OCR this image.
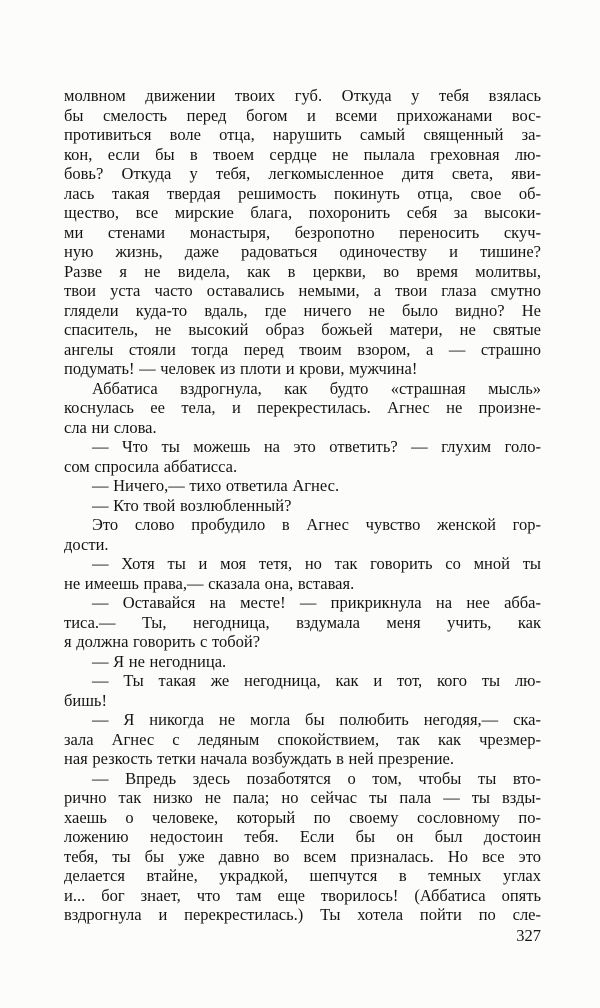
молвном движении твоих губ. Откуда у тебя взялась
бы смелость перед богом и всеми прихожанами вос-
противиться воле отца, нарушить самый священный за-
кон, если бы в твоем сердце не пылала греховная лю-
бовь? Откуда у тебя, легкомысленное дитя света, яви-
лась такая твердая решимость покинуть отца, свое об-
щество, все мирские блага, похоронить себя за высоки-
ми стенами монастыря, безропотно переносить скуч-
ную жизнь, даже радоваться одиночеству и тишине?
Разве я не видела, как в церкви, во время молитвы,
твои уста часто оставались немыми, а твои глаза смутно
глядели куда-то вдаль, где ничего не было видно? Не
спаситель, не высокий образ божьей матери, не святые
ангелы стояли тогда перед твоим взором, а — страшно
подумать! — человек из плоти и крови, мужчина!
Аббатиса вздрогнула, как будто «страшная мысль»
коснулась ее тела, и перекрестилась. Агнес не произне-
сла ни слова.
— Что ты можешь на это ответить? — глухим голо-
сом спросила аббатисса.
— Ничего,— тихо ответила Агнес.
— Кто твой возлюбленный?
Это слово пробудило в Агнес чувство женской гор-
дости.
— Хотя ты и моя тетя, но так говорить со мной ты
не имеешь права,— сказала она, вставая.
— Оставайся на месте! — прикрикнула на нее абба-
тиса.— Ты, негодница, вздумала меня учить, как
я должна говорить с тобой?
— Я не негодница.
— Ты такая же негодница, как и тот, кого ты лю-
бишь!
— Я никогда не могла бы полюбить негодяя,— ска-
зала Агнес с ледяным спокойствием, так как чрезмер-
ная резкость тетки начала возбуждать в ней презрение.
— Впредь здесь позаботятся о том, чтобы ты вто-
рично так низко не пала; но сейчас ты пала — ты взды-
хаешь о человеке, который по своему сословному по-
ложению недостоин тебя. Если бы он был достоин
тебя, ты бы уже давно во всем призналась. Но все это
делается втайне, украдкой, шепчутся в темных углах
и... бог знает, что там еще творилось! (Аббатиса опять
вздрогнула и перекрестилась.) Ты хотела пойти по сле-
327
